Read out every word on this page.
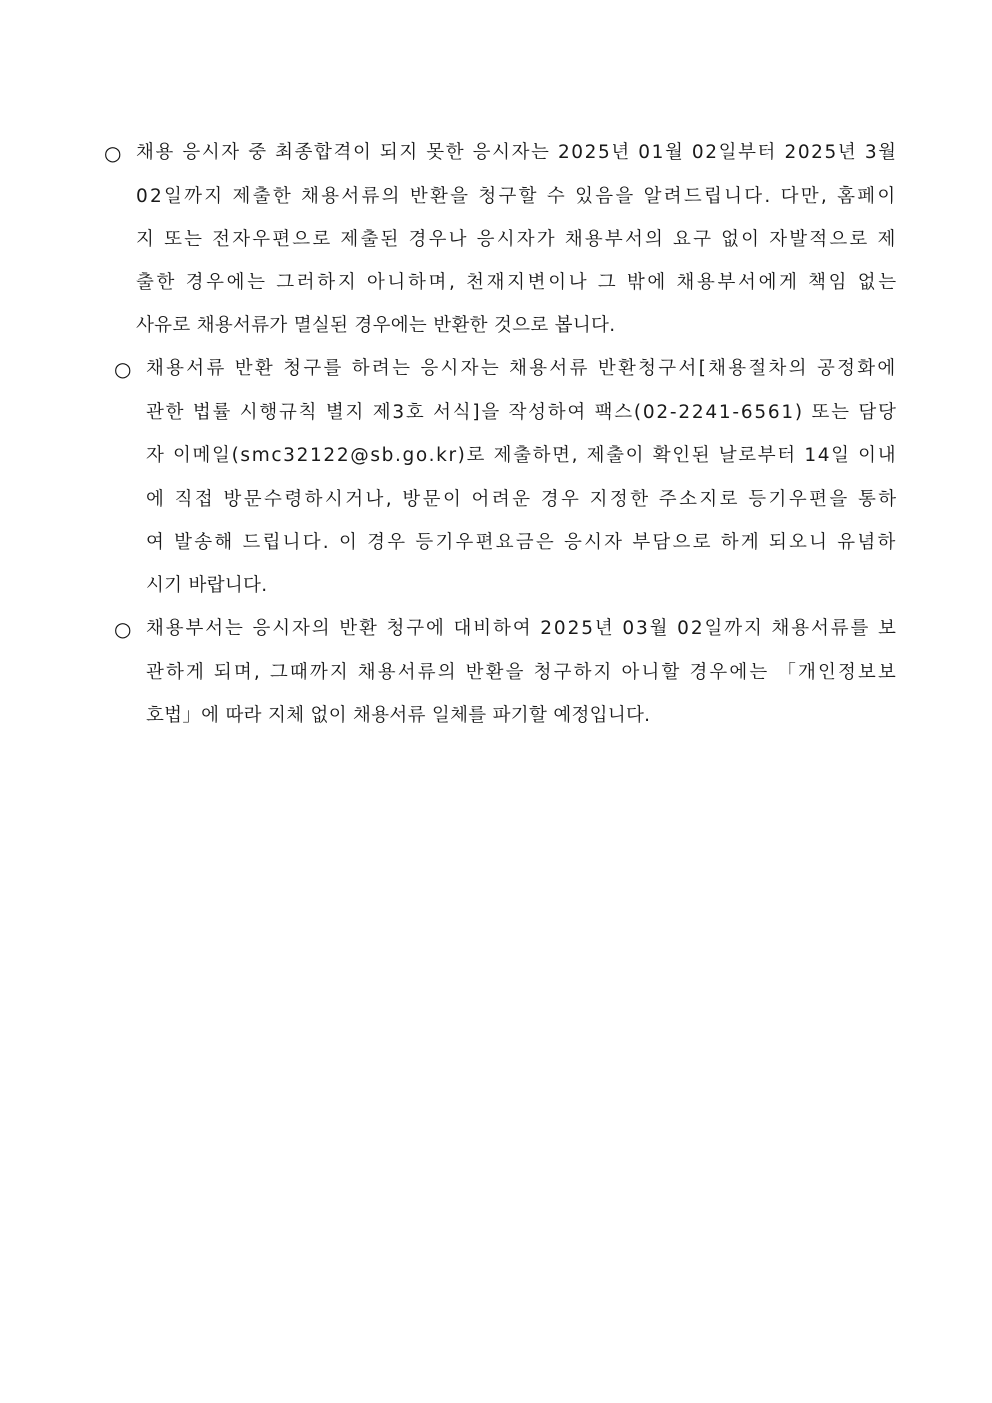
○ 채용 응시자 중 최종합격이 되지 못한 응시자는 2025년 01월 02일부터 2025년 3월
02일까지 제출한 채용서류의 반환을 청구할 수 있음을 알려드립니다. 다만, 홈페이
지 또는 전자우편으로 제출된 경우나 응시자가 채용부서의 요구 없이 자발적으로 제
출한 경우에는 그러하지 아니하며, 천재지변이나 그 밖에 채용부서에게 책임 없는
사유로 채용서류가 멸실된 경우에는 반환한 것으로 봅니다.
○ 채용서류 반환 청구를 하려는 응시자는 채용서류 반환청구서[채용절차의 공정화에
관한 법률 시행규칙 별지 제3호 서식]을 작성하여 팩스(02-2241-6561) 또는 담당
자 이메일(smc32122@sb.go.kr)로 제출하면, 제출이 확인된 날로부터 14일 이내
에 직접 방문수령하시거나, 방문이 어려운 경우 지정한 주소지로 등기우편을 통하
여 발송해 드립니다. 이 경우 등기우편요금은 응시자 부담으로 하게 되오니 유념하
시기 바랍니다.
○ 채용부서는 응시자의 반환 청구에 대비하여 2025년 03월 02일까지 채용서류를 보
관하게 되며, 그때까지 채용서류의 반환을 청구하지 아니할 경우에는 「개인정보보
호법」에 따라 지체 없이 채용서류 일체를 파기할 예정입니다.
